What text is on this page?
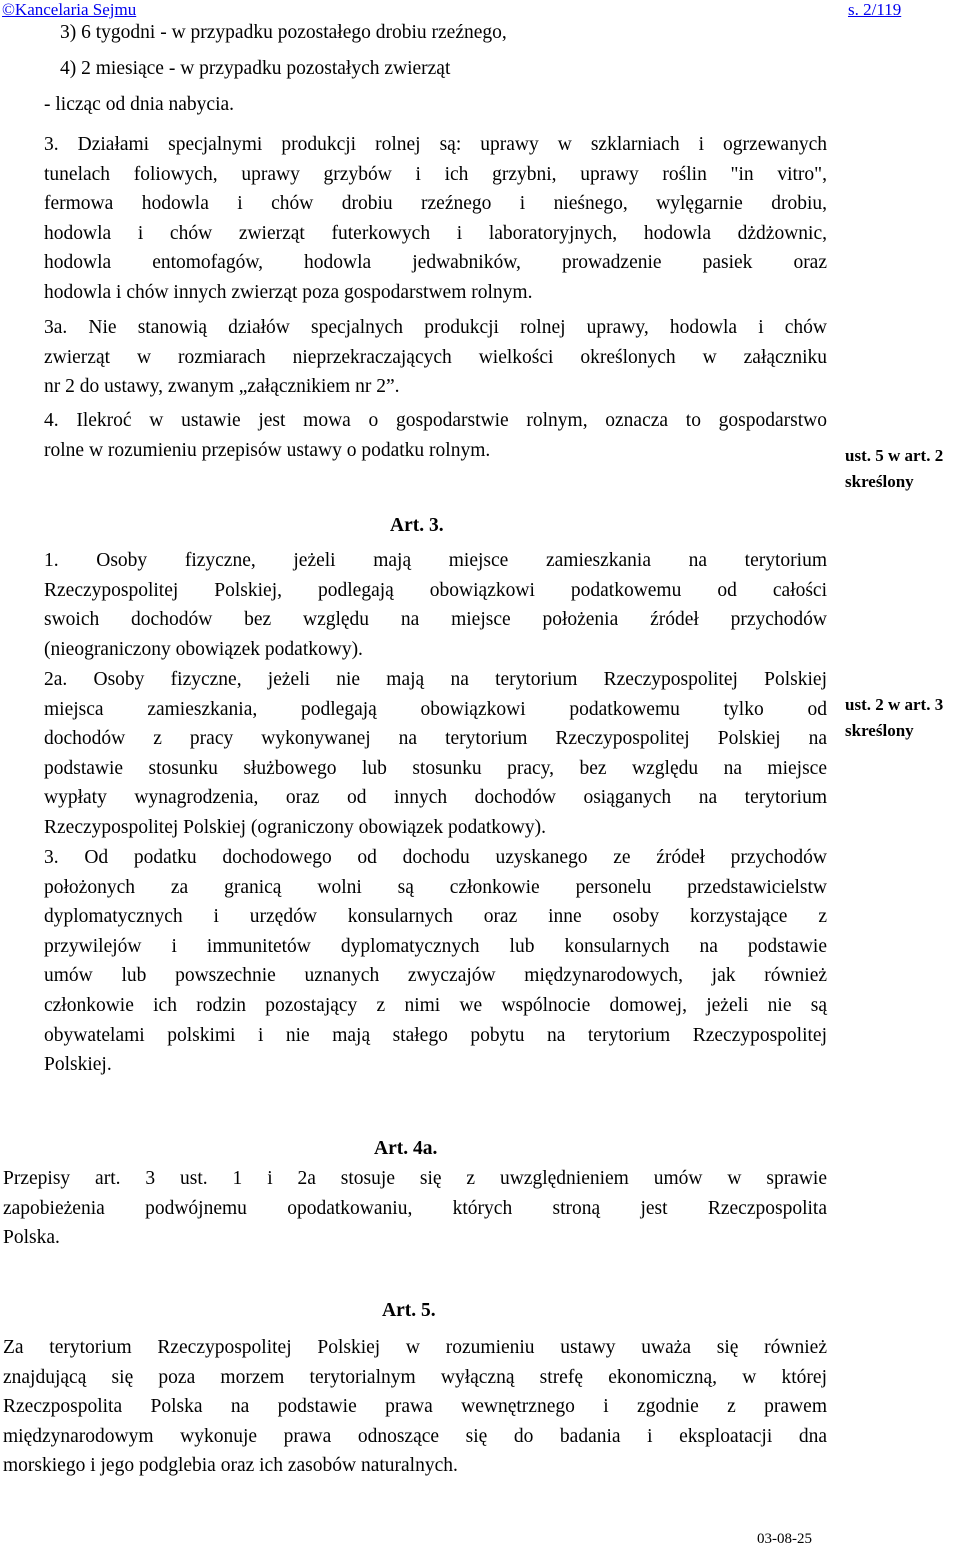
©Kancelaria Sejmu	s. 2/119
3) 6 tygodni - w przypadku pozostałego drobiu rzeźnego,
4) 2 miesiące - w przypadku pozostałych zwierząt
- licząc od dnia nabycia.
3. Działami specjalnymi produkcji rolnej są: uprawy w szklarniach i ogrzewanych
tunelach foliowych, uprawy grzybów i ich grzybni, uprawy roślin "in vitro",
fermowa hodowla i chów drobiu rzeźnego i nieśnego, wylęgarnie drobiu,
hodowla i chów zwierząt futerkowych i laboratoryjnych, hodowla dżdżownic,
hodowla entomofagów, hodowla jedwabników, prowadzenie pasiek oraz
hodowla i chów innych zwierząt poza gospodarstwem rolnym.
3a. Nie stanowią działów specjalnych produkcji rolnej uprawy, hodowla i chów
zwierząt w rozmiarach nieprzekraczających wielkości określonych w załączniku
nr 2 do ustawy, zwanym „załącznikiem nr 2”.
4. Ilekroć w ustawie jest mowa o gospodarstwie rolnym, oznacza to gospodarstwo
rolne w rozumieniu przepisów ustawy o podatku rolnym.	ust. 5 w art. 2
skreślony
Art. 3.
1. Osoby fizyczne, jeżeli mają miejsce zamieszkania na terytorium
Rzeczypospolitej Polskiej, podlegają obowiązkowi podatkowemu od całości
swoich dochodów bez względu na miejsce położenia źródeł przychodów
(nieograniczony obowiązek podatkowy).
2a. Osoby fizyczne, jeżeli nie mają na terytorium Rzeczypospolitej Polskiej
miejsca zamieszkania, podlegają obowiązkowi podatkowemu tylko od
dochodów z pracy wykonywanej na terytorium Rzeczypospolitej Polskiej na
podstawie stosunku służbowego lub stosunku pracy, bez względu na miejsce
wypłaty wynagrodzenia, oraz od innych dochodów osiąganych na terytorium
Rzeczypospolitej Polskiej (ograniczony obowiązek podatkowy).
ust. 2 w art. 3
skreślony
3. Od podatku dochodowego od dochodu uzyskanego ze źródeł przychodów
położonych za granicą wolni są członkowie personelu przedstawicielstw
dyplomatycznych i urzędów konsularnych oraz inne osoby korzystające z
przywilejów i immunitetów dyplomatycznych lub konsularnych na podstawie
umów lub powszechnie uznanych zwyczajów międzynarodowych, jak również
członkowie ich rodzin pozostający z nimi we wspólnocie domowej, jeżeli nie są
obywatelami polskimi i nie mają stałego pobytu na terytorium Rzeczypospolitej
Polskiej.
Art. 4a.
Przepisy art. 3 ust. 1 i 2a stosuje się z uwzględnieniem umów w sprawie
zapobieżenia podwójnemu opodatkowaniu, których stroną jest Rzeczpospolita
Polska.
Art. 5.
Za terytorium Rzeczypospolitej Polskiej w rozumieniu ustawy uważa się również
znajdującą się poza morzem terytorialnym wyłączną strefę ekonomiczną, w której
Rzeczpospolita Polska na podstawie prawa wewnętrznego i zgodnie z prawem
międzynarodowym wykonuje prawa odnoszące się do badania i eksploatacji dna
morskiego i jego podglebia oraz ich zasobów naturalnych.
03-08-25
